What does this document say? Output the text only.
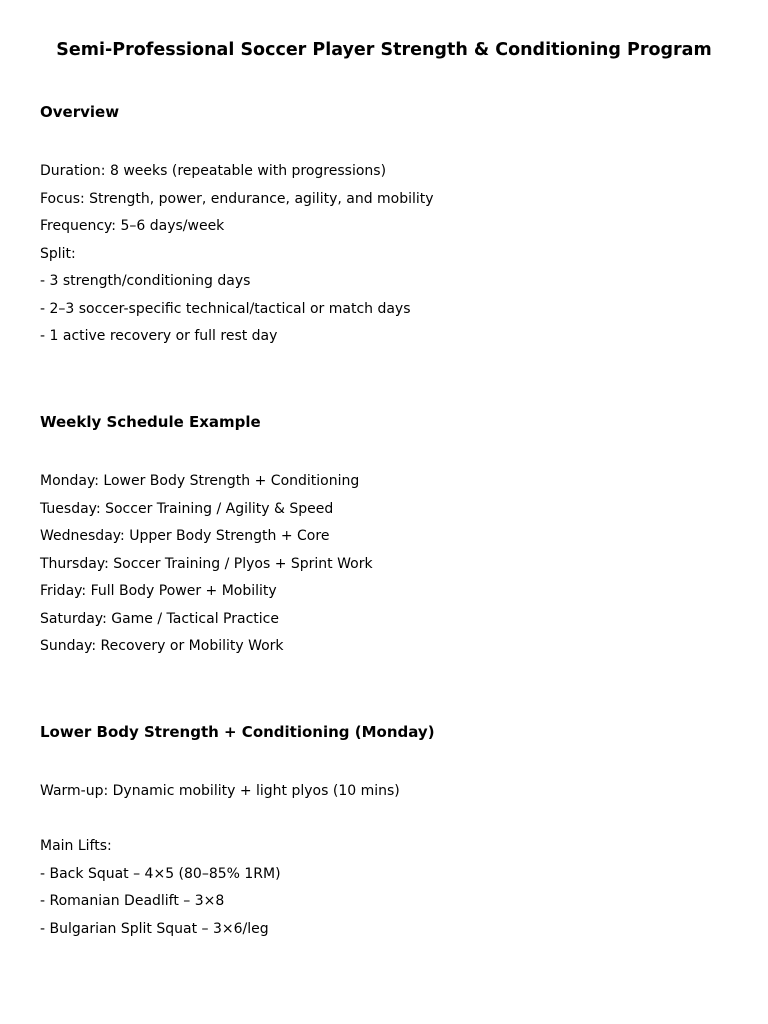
Semi-Professional Soccer Player Strength & Conditioning Program
Overview
Duration: 8 weeks (repeatable with progressions)
Focus: Strength, power, endurance, agility, and mobility
Frequency: 5–6 days/week
Split:
- 3 strength/conditioning days
- 2–3 soccer-specific technical/tactical or match days
- 1 active recovery or full rest day
Weekly Schedule Example
Monday: Lower Body Strength + Conditioning
Tuesday: Soccer Training / Agility & Speed
Wednesday: Upper Body Strength + Core
Thursday: Soccer Training / Plyos + Sprint Work
Friday: Full Body Power + Mobility
Saturday: Game / Tactical Practice
Sunday: Recovery or Mobility Work
Lower Body Strength + Conditioning (Monday)
Warm-up: Dynamic mobility + light plyos (10 mins)
Main Lifts:
- Back Squat – 4×5 (80–85% 1RM)
- Romanian Deadlift – 3×8
- Bulgarian Split Squat – 3×6/leg
